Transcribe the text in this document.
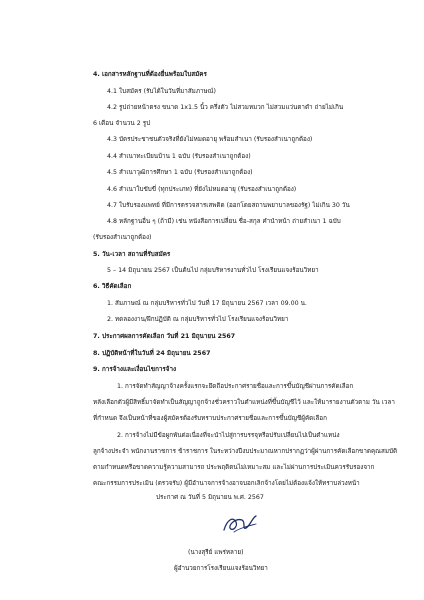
4. เอกสารหลักฐานที่ต้องยื่นพร้อมใบสมัคร
4.1 ใบสมัคร (รับได้ในวันที่มาสัมภาษณ์)
4.2 รูปถ่ายหน้าตรง ขนาด 1x1.5 นิ้ว ครึ่งตัว ไม่สวมหมวก ไม่สวมแว่นตาดำ ถ่ายไม่เกิน
6 เดือน จำนวน 2 รูป
4.3 บัตรประชาชนตัวจริงที่ยังไม่หมดอายุ พร้อมสำเนา (รับรองสำเนาถูกต้อง)
4.4 สำเนาทะเบียนบ้าน 1 ฉบับ (รับรองสำเนาถูกต้อง)
4.5 สำเนาวุฒิการศึกษา 1 ฉบับ (รับรองสำเนาถูกต้อง)
4.6 สำเนาใบขับขี่ (ทุกประเภท) ที่ยังไม่หมดอายุ (รับรองสำเนาถูกต้อง)
4.7 ใบรับรองแพทย์ ที่มีการตรวจสารเสพติด (ออกโดยสถานพยาบาลของรัฐ) ไม่เกิน 30 วัน
4.8 หลักฐานอื่น ๆ (ถ้ามี) เช่น หนังสือการเปลี่ยน ชื่อ-สกุล คำนำหน้า ถ่ายสำเนา 1 ฉบับ
(รับรองสำเนาถูกต้อง)
5. วัน-เวลา สถานที่รับสมัคร
5 – 14 มิถุนายน 2567 เป็นต้นไป กลุ่มบริหารงานทั่วไป โรงเรียนแจงร้อนวิทยา
6. วิธีคัดเลือก
1. สัมภาษณ์ ณ กลุ่มบริหารทั่วไป วันที่ 17 มิถุนายน 2567 เวลา 09.00 น.
2. ทดลองงาน/ฝึกปฏิบัติ ณ กลุ่มบริหารทั่วไป โรงเรียนแจงร้อนวิทยา
7. ประกาศผลการคัดเลือก วันที่ 21 มิถุนายน 2567
8. ปฏิบัติหน้าที่ในวันที่ 24 มิถุนายน 2567
9. การจ้างและเงื่อนไขการจ้าง
1. การจัดทำสัญญาจ้างครั้งแรกจะยึดถือประกาศรายชื่อและการขึ้นบัญชีผ่านการคัดเลือก
หลังเลือกตัวผู้มีสิทธิ์มาจัดทำเป็นสัญญาถูกจ้างชั่วคราวในตำแหน่งที่ขึ้นบัญชีไว้ และให้มารายงานตัวตาม วัน เวลา
ที่กำหนด จึงเป็นหน้าที่ของผู้สมัครต้องรับทราบประกาศรายชื่อและการขึ้นบัญชีผู้คัดเลือก
2. การจ้างไม่มีข้อผูกพันต่อเนื่องที่จะนำไปสู่การบรรจุหรือปรับเปลี่ยนไปเป็นตำแหน่ง
ลูกจ้างประจำ พนักงานราชการ ข้าราชการ ในระหว่างปีงบประมาณหากปรากฏว่าผู้ผ่านการคัดเลือกขาดคุณสมบัติ
ตามกำหนดหรือขาดความรู้ความสามารถ ประพฤติตนไม่เหมาะสม และไม่ผ่านการประเมินควรรับรองจาก
คณะกรรมการประเมิน (ตรวจรับ) ผู้มีอำนาจการจ้างอาจบอกเลิกจ้างโดยไม่ต้องแจ้งให้ทราบล่วงหน้า
ประกาศ ณ วันที่ 5 มิถุนายน พ.ศ. 2567
(นางสุรีย์ แพร่หลาย)
ผู้อำนวยการโรงเรียนแจงร้อนวิทยา
